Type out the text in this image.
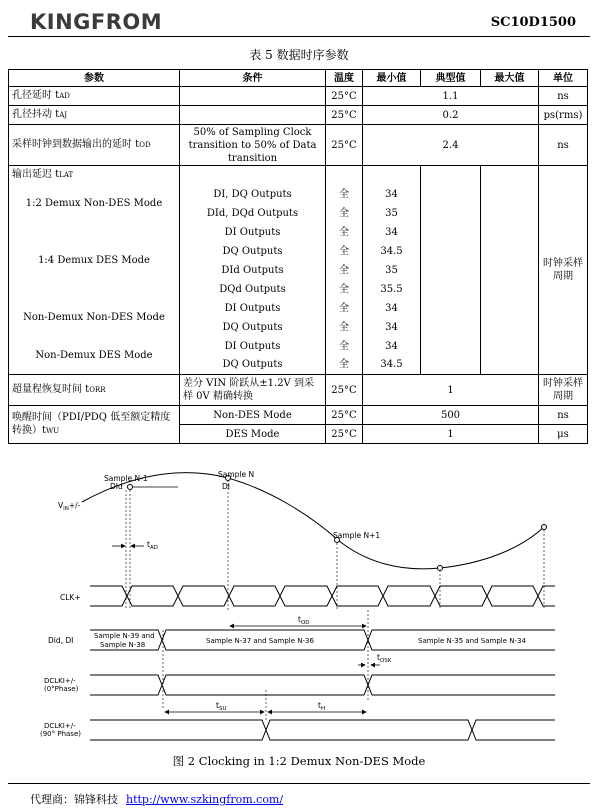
KINGFROM	SC10D1500
表 5 数据时序参数
参数	条件	温度	最小值	典型值	最大值	单位
孔径延时 tAD		25°C	1.1			ns
孔径抖动 tAJ		25°C	0.2			ps(rms)
采样时钟到数据输出的延时 tOD	50% of Sampling Clock transition to 50% of Data transition	25°C	2.4			ns
输出延迟 tLAT						时钟采样周期
1:2 Demux Non-DES Mode	DI, DQ Outputs	全	34			
	DId, DQd Outputs	全	35			
1:4 Demux DES Mode	DI Outputs	全	34			
	DQ Outputs	全	34.5			
	DId Outputs	全	35			
	DQd Outputs	全	35.5			
Non-Demux Non-DES Mode	DI Outputs	全	34			
	DQ Outputs	全	34			
Non-Demux DES Mode	DI Outputs	全	34			
	DQ Outputs	全	34.5			
超量程恢复时间 tORR	差分 VIN 阶跃从±1.2V 到采样 0V 精确转换	25°C	1			时钟采样周期
唤醒时间（PDI/PDQ 低至额定精度转换）tWU	Non-DES Mode	25°C	500			ns
	DES Mode	25°C	1			μs
Sample N-1
DId
Sample N
DI
Sample N+1
$V_{IN}+/-$
$t_{AD}$
CLK+
$t_{OD}$
Did, DI	Sample N-39 and
Sample N-38	Sample N-37 and Sample N-36	Sample N-35 and Sample N-34
$t_{OSK}$
DCLKI+/-
(0°Phase)
$t_{SU}$	$t_H$
DCLKI+/-
(90° Phase)
图 2 Clocking in 1:2 Demux Non-DES Mode
代理商：锦锋科技 http://www.szkingfrom.com/
